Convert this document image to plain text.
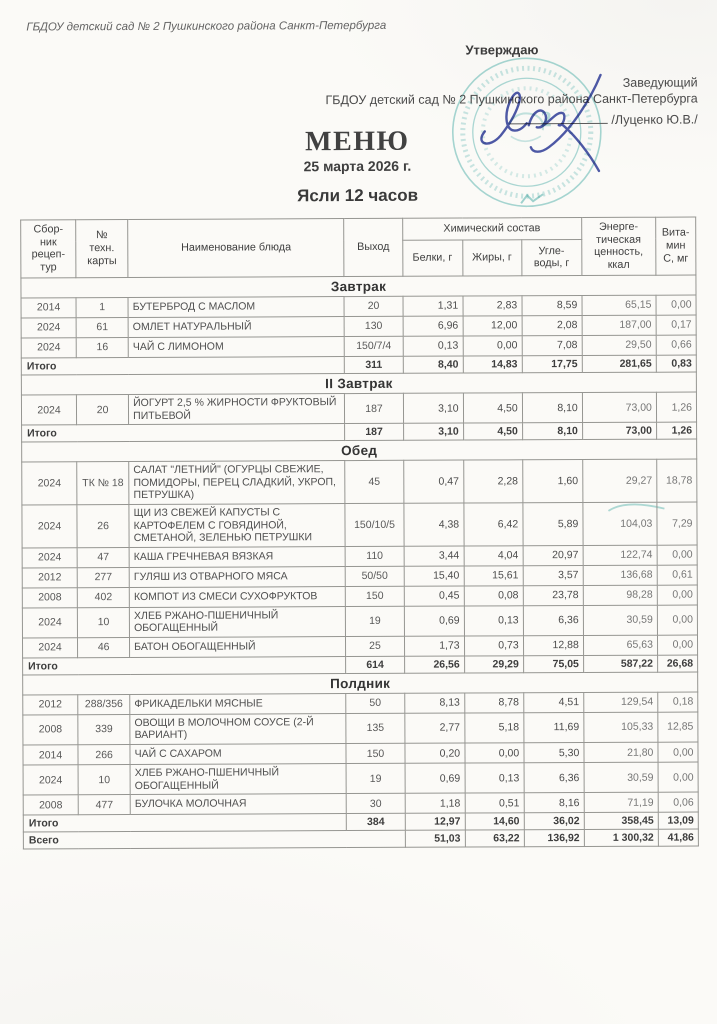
ГБДОУ детский сад № 2 Пушкинского района Санкт-Петербурга
Утверждаю
2
Заведующий
ГБДОУ детский сад № 2 Пушкинского района Санкт-Петербурга
/Луценко Ю.В./
МЕНЮ
25 марта 2026 г.
Ясли 12 часов
Сбор-
ник
рецеп-
тур	№
техн.
карты	Наименование блюда	Выход	Химический состав			Энерге-
тическая
ценность,
ккал	Вита-
мин
С, мг
				Белки, г	Жиры, г	Угле-
воды, г		
Завтрак								
2014	1	БУТЕРБРОД С МАСЛОМ	20	1,31	2,83	8,59	65,15	0,00
2024	61	ОМЛЕТ НАТУРАЛЬНЫЙ	130	6,96	12,00	2,08	187,00	0,17
2024	16	ЧАЙ С ЛИМОНОМ	150/7/4	0,13	0,00	7,08	29,50	0,66
Итого			311	8,40	14,83	17,75	281,65	0,83
II Завтрак								
2024	20	ЙОГУРТ 2,5 % ЖИРНОСТИ ФРУКТОВЫЙ ПИТЬЕВОЙ	187	3,10	4,50	8,10	73,00	1,26
Итого			187	3,10	4,50	8,10	73,00	1,26
Обед								
2024	ТК № 18	САЛАТ "ЛЕТНИЙ" (ОГУРЦЫ СВЕЖИЕ, ПОМИДОРЫ, ПЕРЕЦ СЛАДКИЙ, УКРОП, ПЕТРУШКА)	45	0,47	2,28	1,60	29,27	18,78
2024	26	ЩИ ИЗ СВЕЖЕЙ КАПУСТЫ С КАРТОФЕЛЕМ С ГОВЯДИНОЙ, СМЕТАНОЙ, ЗЕЛЕНЬЮ ПЕТРУШКИ	150/10/5	4,38	6,42	5,89	104,03	7,29
2024	47	КАША ГРЕЧНЕВАЯ ВЯЗКАЯ	110	3,44	4,04	20,97	122,74	0,00
2012	277	ГУЛЯШ ИЗ ОТВАРНОГО МЯСА	50/50	15,40	15,61	3,57	136,68	0,61
2008	402	КОМПОТ ИЗ СМЕСИ СУХОФРУКТОВ	150	0,45	0,08	23,78	98,28	0,00
2024	10	ХЛЕБ РЖАНО-ПШЕНИЧНЫЙ ОБОГАЩЕННЫЙ	19	0,69	0,13	6,36	30,59	0,00
2024	46	БАТОН ОБОГАЩЕННЫЙ	25	1,73	0,73	12,88	65,63	0,00
Итого			614	26,56	29,29	75,05	587,22	26,68
Полдник								
2012	288/356	ФРИКАДЕЛЬКИ МЯСНЫЕ	50	8,13	8,78	4,51	129,54	0,18
2008	339	ОВОЩИ В МОЛОЧНОМ СОУСЕ (2-Й ВАРИАНТ)	135	2,77	5,18	11,69	105,33	12,85
2014	266	ЧАЙ С САХАРОМ	150	0,20	0,00	5,30	21,80	0,00
2024	10	ХЛЕБ РЖАНО-ПШЕНИЧНЫЙ ОБОГАЩЕННЫЙ	19	0,69	0,13	6,36	30,59	0,00
2008	477	БУЛОЧКА МОЛОЧНАЯ	30	1,18	0,51	8,16	71,19	0,06
Итого			384	12,97	14,60	36,02	358,45	13,09
Всего				51,03	63,22	136,92	1 300,32	41,86
